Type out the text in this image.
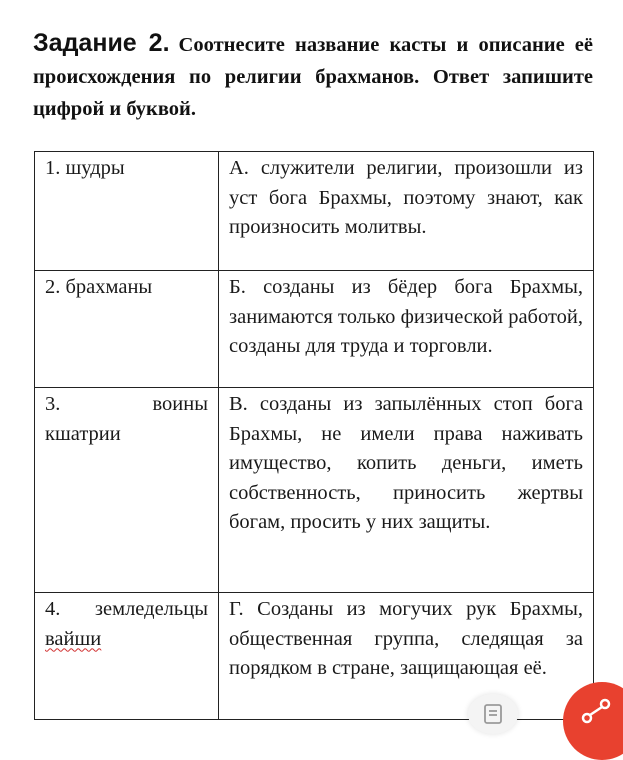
Задание 2. Соотнесите название касты и описание её происхождения по религии брахманов. Ответ запишите цифрой и буквой.
1. шудры	А. служители религии, произошли из уст бога Брахмы, поэтому знают, как произносить молитвы.
2. брахманы	Б. созданы из бёдер бога Брахмы, занимаются только физической работой, созданы для труда и торговли.

3. воины
кшатрии	В. созданы из запылённых стоп бога Брахмы, не имели права наживать имущество, копить деньги, иметь собственность, приносить жертвы богам, просить у них защиты.

4. земледельцы
вайши	Г. Созданы из могучих рук Брахмы, общественная группа, следящая за порядком в стране, защищающая её.
